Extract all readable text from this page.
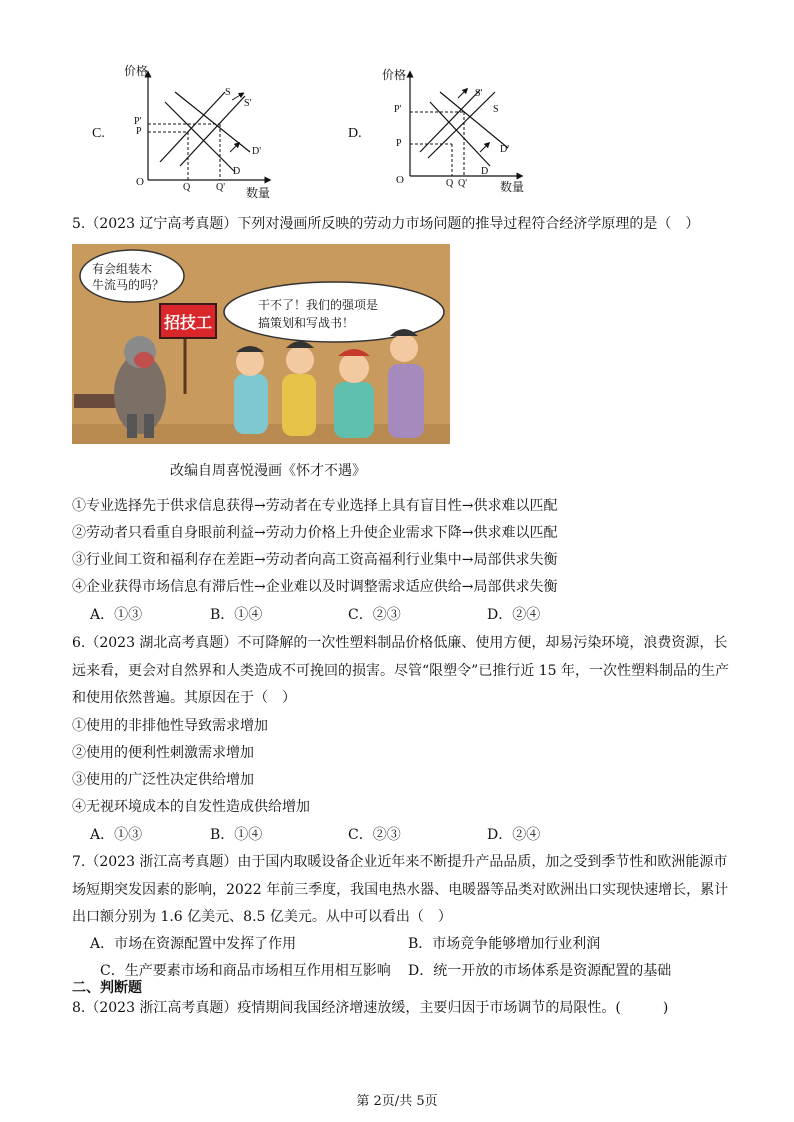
C.
价格
数量
O
P'
P
Q	Q'
S
S'
D'
D
D.
价格
数量
O
P'
P
Q Q'
S'
S
D'
D
5.（2023 辽宁高考真题）下列对漫画所反映的劳动力市场问题的推导过程符合经济学原理的是（　）
有会组装木
牛流马的吗？
招技工
干不了！我们的强项是
搞策划和写战书！
改编自周喜悦漫画《怀才不遇》
①专业选择先于供求信息获得→劳动者在专业选择上具有盲目性→供求难以匹配
②劳动者只看重自身眼前利益→劳动力价格上升使企业需求下降→供求难以匹配
③行业间工资和福利存在差距→劳动者向高工资高福利行业集中→局部供求失衡
④企业获得市场信息有滞后性→企业难以及时调整需求适应供给→局部供求失衡
A．①③	B．①④	C．②③	D．②④
6.（2023 湖北高考真题）不可降解的一次性塑料制品价格低廉、使用方便，却易污染环境，浪费资源，长
远来看，更会对自然界和人类造成不可挽回的损害。尽管“限塑令”已推行近 15 年，一次性塑料制品的生产
和使用依然普遍。其原因在于（　）
①使用的非排他性导致需求增加
②使用的便利性刺激需求增加
③使用的广泛性决定供给增加
④无视环境成本的自发性造成供给增加
A．①③	B．①④	C．②③	D．②④
7.（2023 浙江高考真题）由于国内取暖设备企业近年来不断提升产品品质，加之受到季节性和欧洲能源市
场短期突发因素的影响，2022 年前三季度，我国电热水器、电暖器等品类对欧洲出口实现快速增长，累计
出口额分别为 1.6 亿美元、8.5 亿美元。从中可以看出（　）
A．市场在资源配置中发挥了作用	B．市场竞争能够增加行业利润
C．生产要素市场和商品市场相互作用相互影响 D．统一开放的市场体系是资源配置的基础
二、判断题
8.（2023 浙江高考真题）疫情期间我国经济增速放缓，主要归因于市场调节的局限性。(　　　)
第 2页/共 5页
